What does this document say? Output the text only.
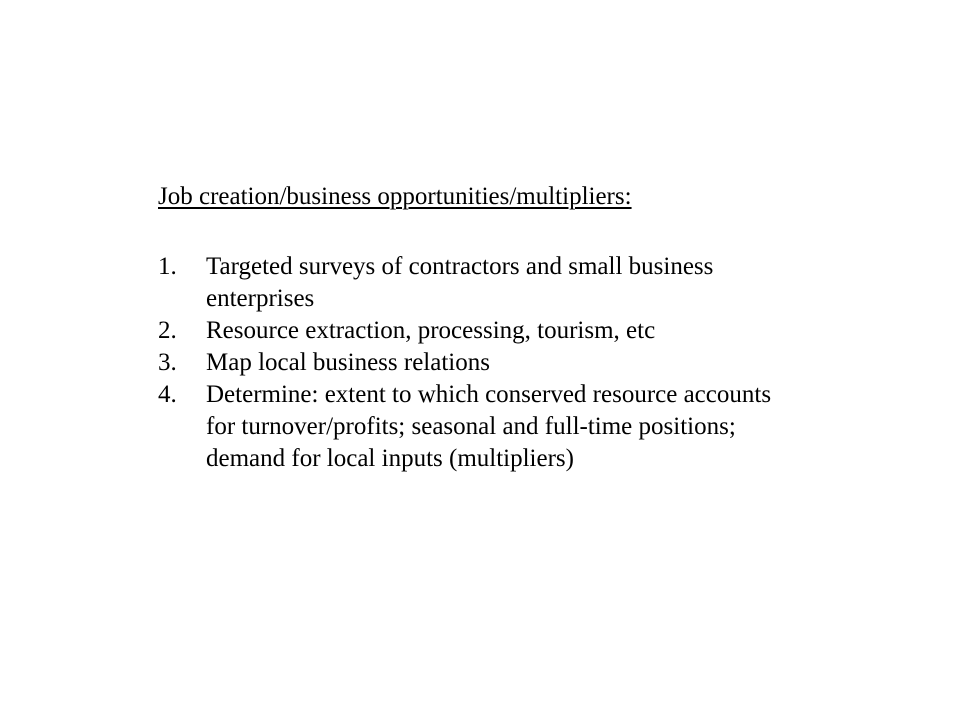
Job creation/business opportunities/multipliers:

1.	Targeted surveys of contractors and small business enterprises
2.	Resource extraction, processing, tourism, etc
3.	Map local business relations
4.	Determine: extent to which conserved resource accounts for turnover/profits; seasonal and full-time positions; demand for local inputs (multipliers)
